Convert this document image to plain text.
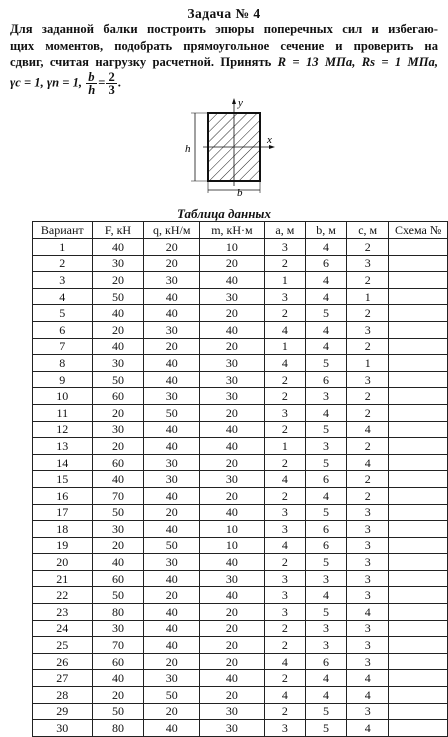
Задача № 4
Для заданной балки построить эпюры поперечных сил и избегаю-
щих моментов, подобрать прямоугольное сечение и проверить на
сдвиг, считая нагрузку расчетной. Принять R = 13 МПа, Rs = 1 МПа,
γc = 1, γn = 1, $\frac{b}{h} = \frac{2}{3}$ .
y
x
h
b
Таблица данных
Вариант	F, кН	q, кН/м	m, кН·м	a, м	b, м	c, м	Схема №
1	40	20	10	3	4	2	
2	30	20	20	2	6	3	
3	20	30	40	1	4	2	
4	50	40	30	3	4	1	
5	40	40	20	2	5	2	
6	20	30	40	4	4	3	
7	40	20	20	1	4	2	
8	30	40	30	4	5	1	
9	50	40	30	2	6	3	
10	60	30	30	2	3	2	
11	20	50	20	3	4	2	
12	30	40	40	2	5	4	
13	20	40	40	1	3	2	
14	60	30	20	2	5	4	
15	40	30	30	4	6	2	
16	70	40	20	2	4	2	
17	50	20	40	3	5	3	
18	30	40	10	3	6	3	
19	20	50	10	4	6	3	
20	40	30	40	2	5	3	
21	60	40	30	3	3	3	
22	50	20	40	3	4	3	
23	80	40	20	3	5	4	
24	30	40	20	2	3	3	
25	70	40	20	2	3	3	
26	60	20	20	4	6	3	
27	40	30	40	2	4	4	
28	20	50	20	4	4	4	
29	50	20	30	2	5	3	
30	80	40	30	3	5	4	
